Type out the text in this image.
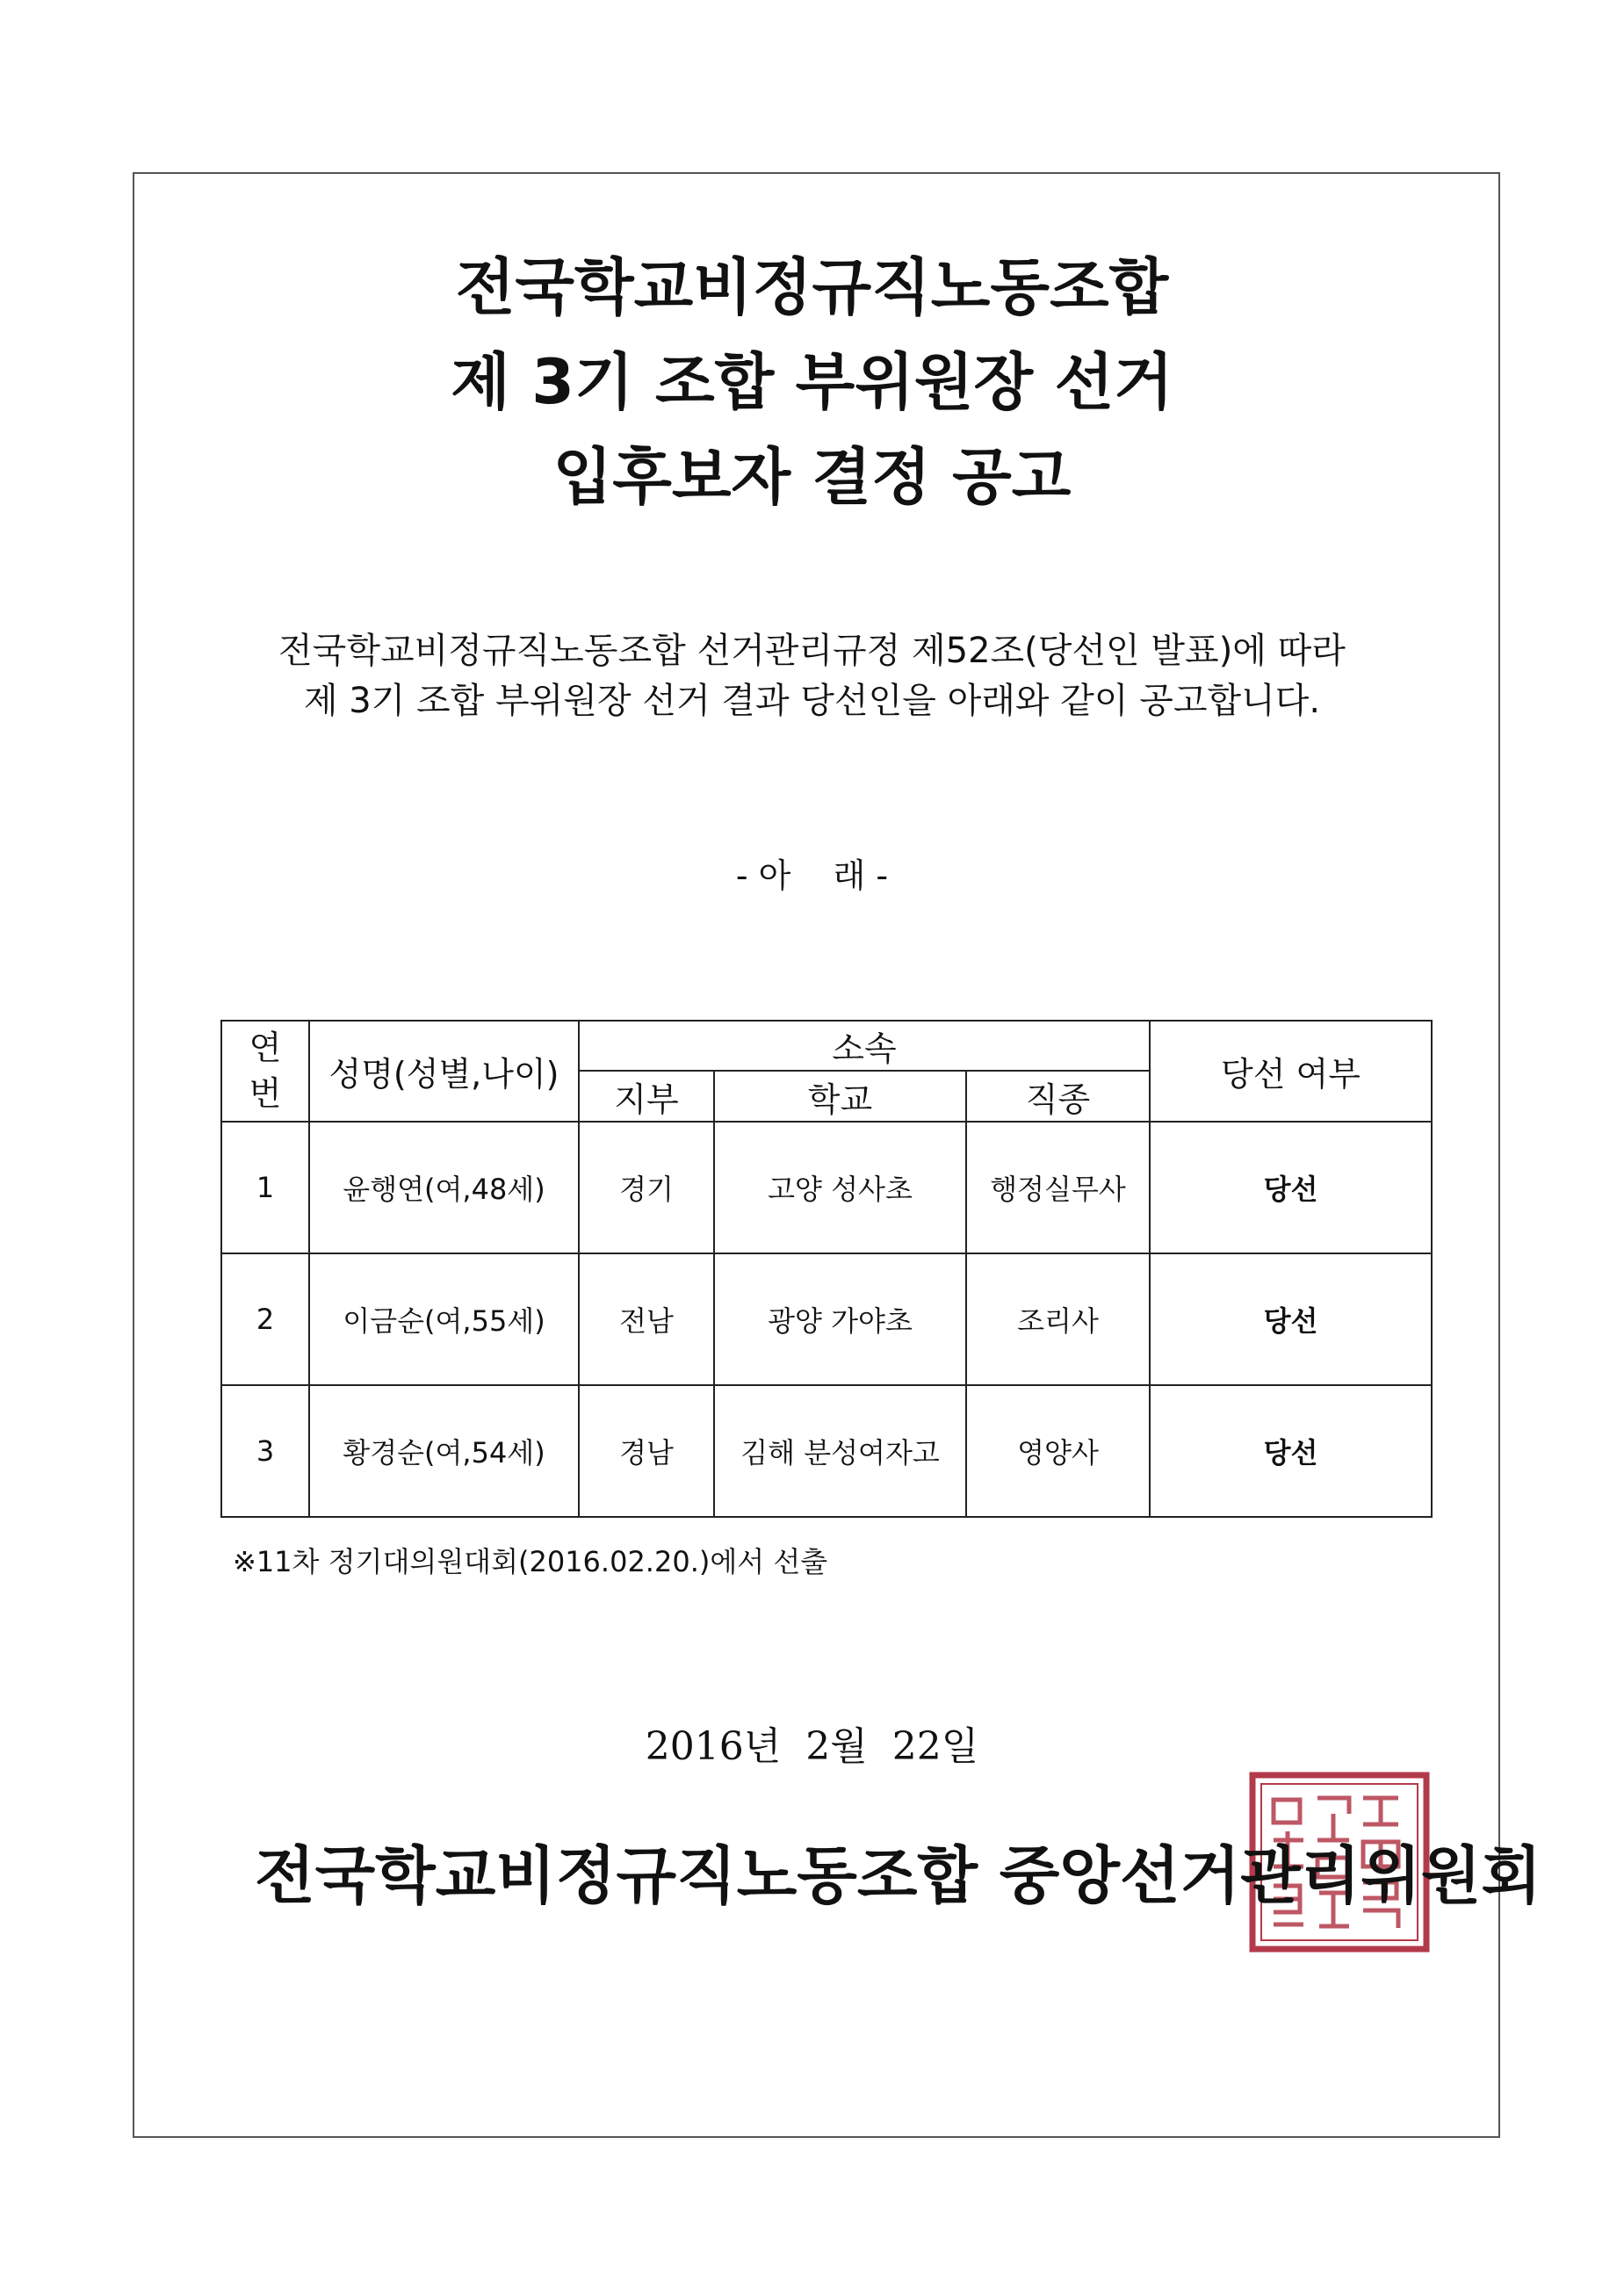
전국학교비정규직노동조합
제 3기 조합 부위원장 선거
입후보자 결정 공고

전국학교비정규직노동조합 선거관리규정 제52조(당선인 발표)에 따라

제 3기 조합 부위원장 선거 결과 당선인을 아래와 같이 공고합니다.

- 아    래 -
연
번	성명(성별,나이)	소속			당선 여부
		지부	학교	직종	
1	윤행연(여,48세)	경기	고양 성사초	행정실무사	당선
2	이금순(여,55세)	전남	광양 가야초	조리사	당선
3	황경순(여,54세)	경남	김해 분성여자고	영양사	당선

※11차 정기대의원대회(2016.02.20.)에서 선출

2016년  2월  22일

전국학교비정규직노동조합 중앙선거관리위원회
